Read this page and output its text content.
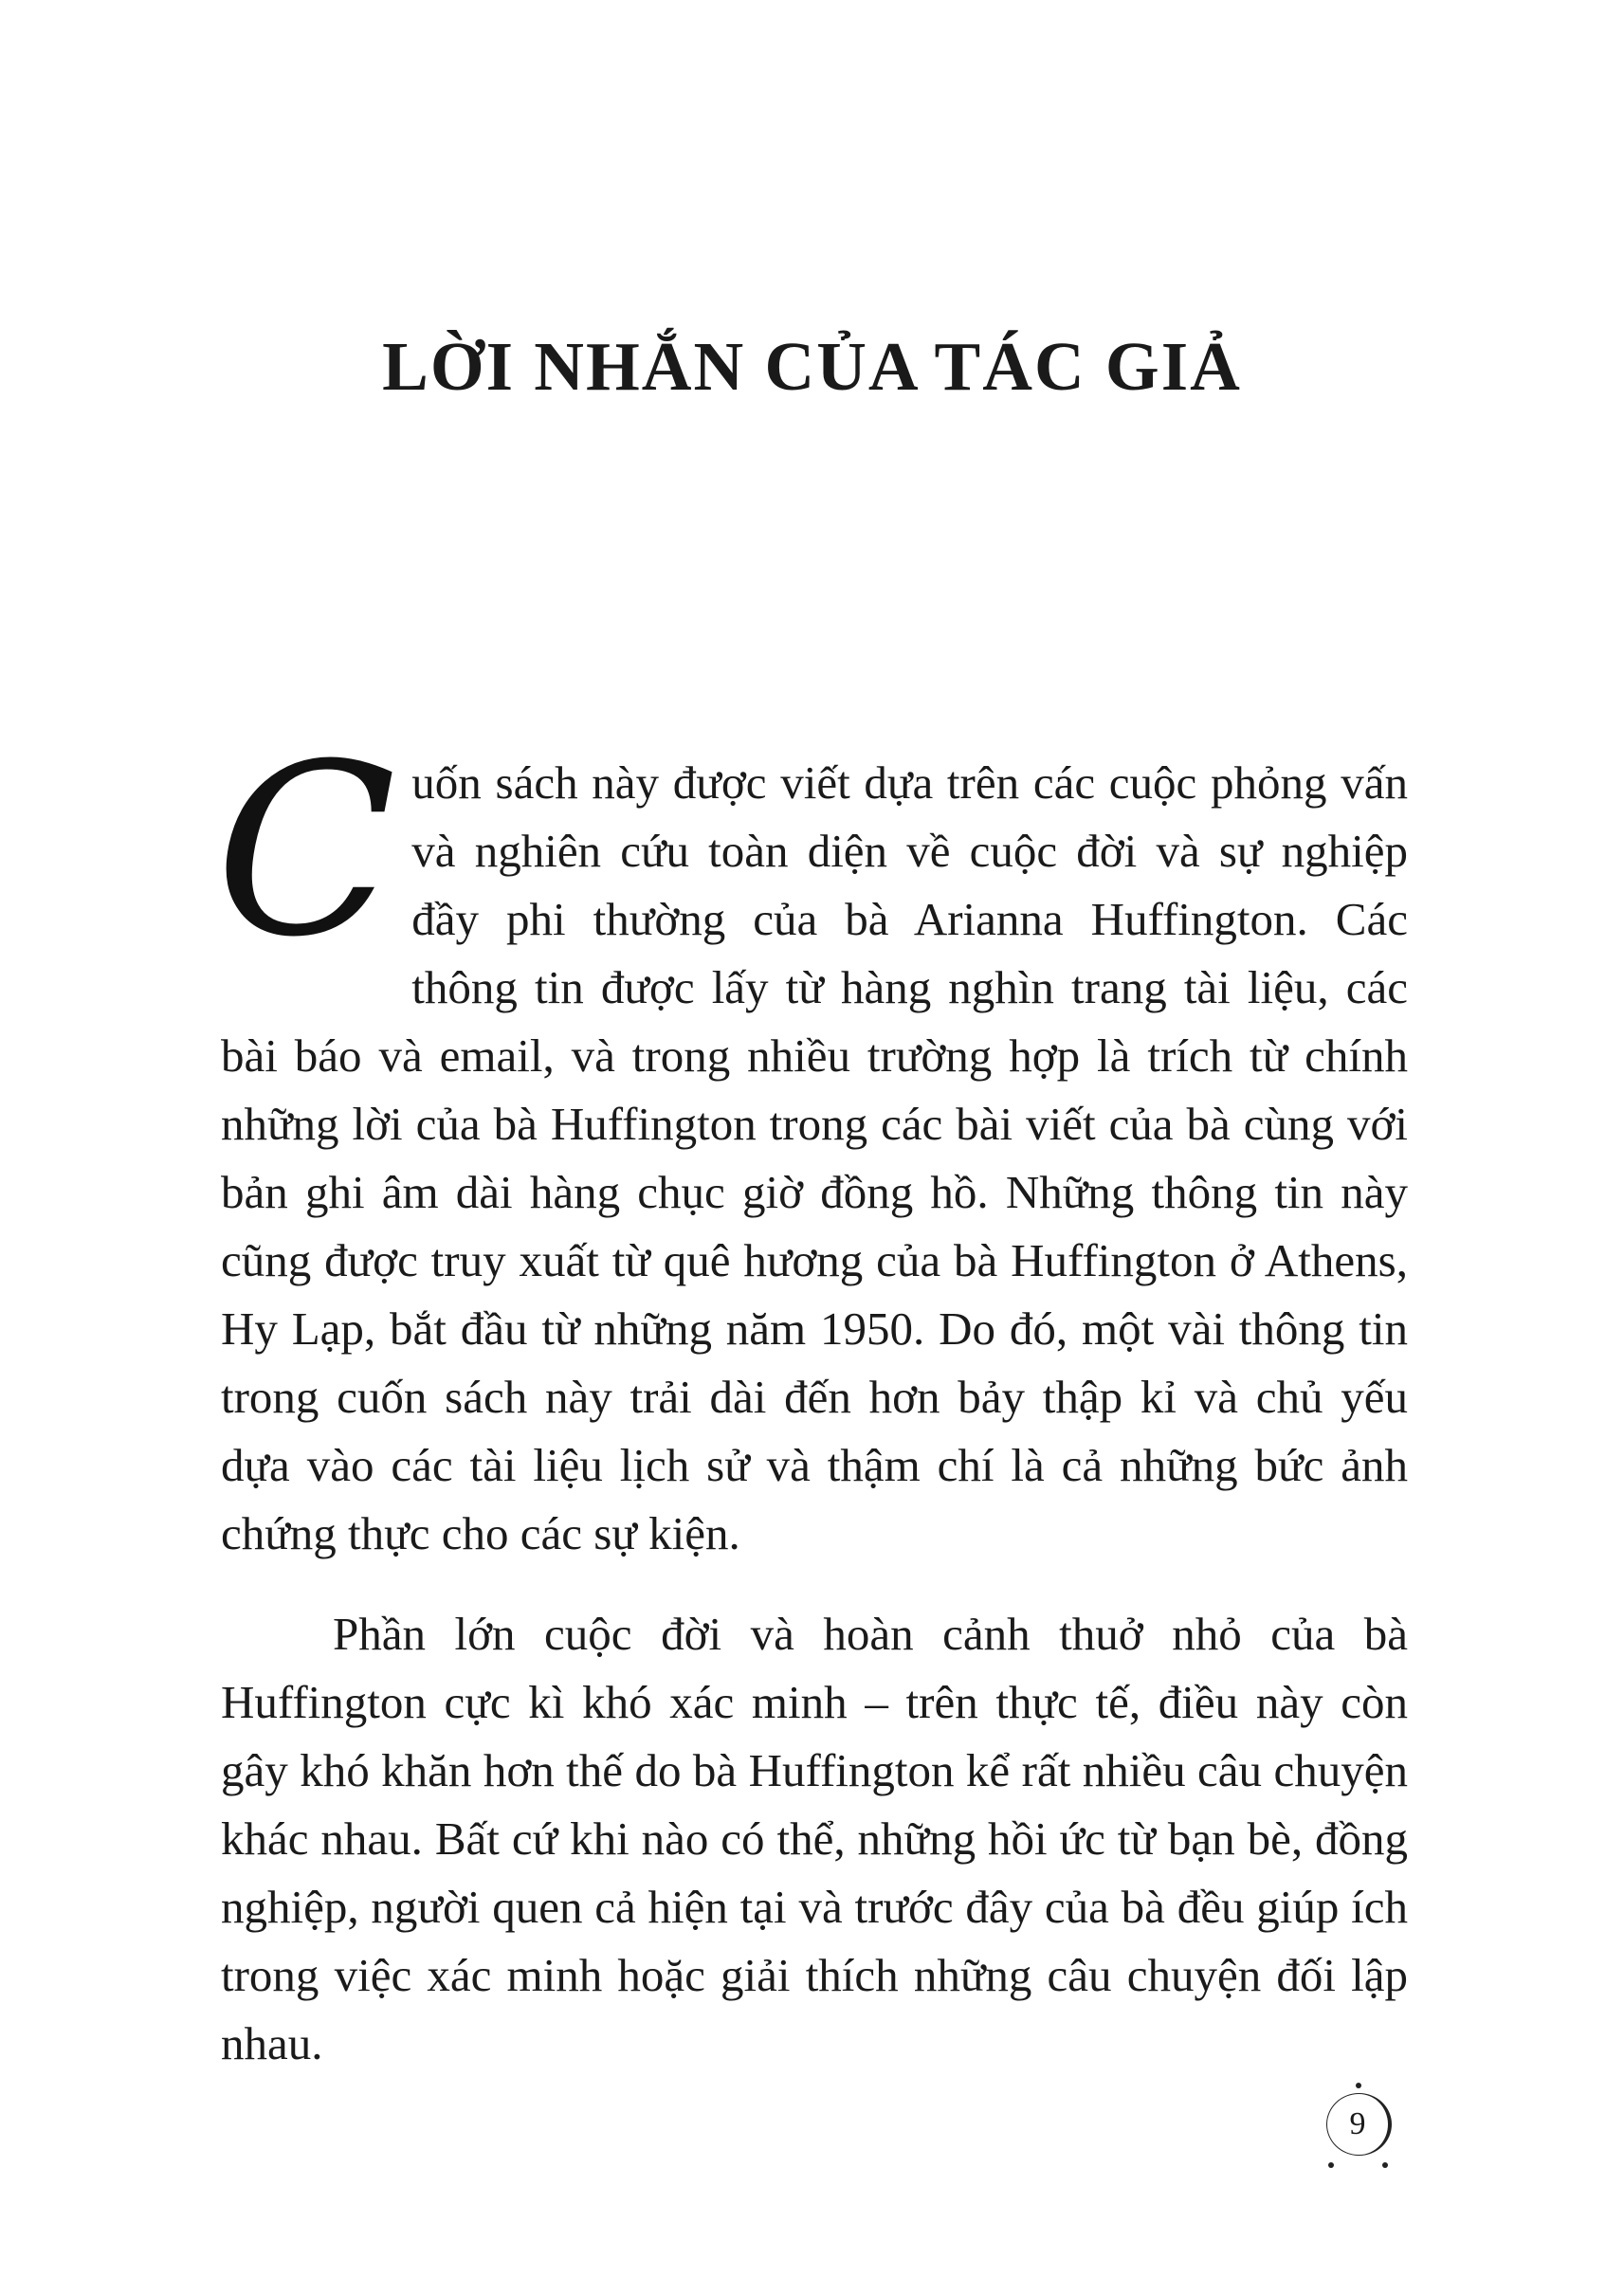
LỜI NHẮN CỦA TÁC GIẢ

Cuốn sách này được viết dựa trên các cuộc phỏng vấn và nghiên cứu toàn diện về cuộc đời và sự nghiệp đầy phi thường của bà Arianna Huffington. Các thông tin được lấy từ hàng nghìn trang tài liệu, các bài báo và email, và trong nhiều trường hợp là trích từ chính những lời của bà Huffington trong các bài viết của bà cùng với bản ghi âm dài hàng chục giờ đồng hồ. Những thông tin này cũng được truy xuất từ quê hương của bà Huffington ở Athens, Hy Lạp, bắt đầu từ những năm 1950. Do đó, một vài thông tin trong cuốn sách này trải dài đến hơn bảy thập kỉ và chủ yếu dựa vào các tài liệu lịch sử và thậm chí là cả những bức ảnh chứng thực cho các sự kiện.

Phần lớn cuộc đời và hoàn cảnh thuở nhỏ của bà Huffington cực kì khó xác minh – trên thực tế, điều này còn gây khó khăn hơn thế do bà Huffington kể rất nhiều câu chuyện khác nhau. Bất cứ khi nào có thể, những hồi ức từ bạn bè, đồng nghiệp, người quen cả hiện tại và trước đây của bà đều giúp ích trong việc xác minh hoặc giải thích những câu chuyện đối lập nhau.

9
